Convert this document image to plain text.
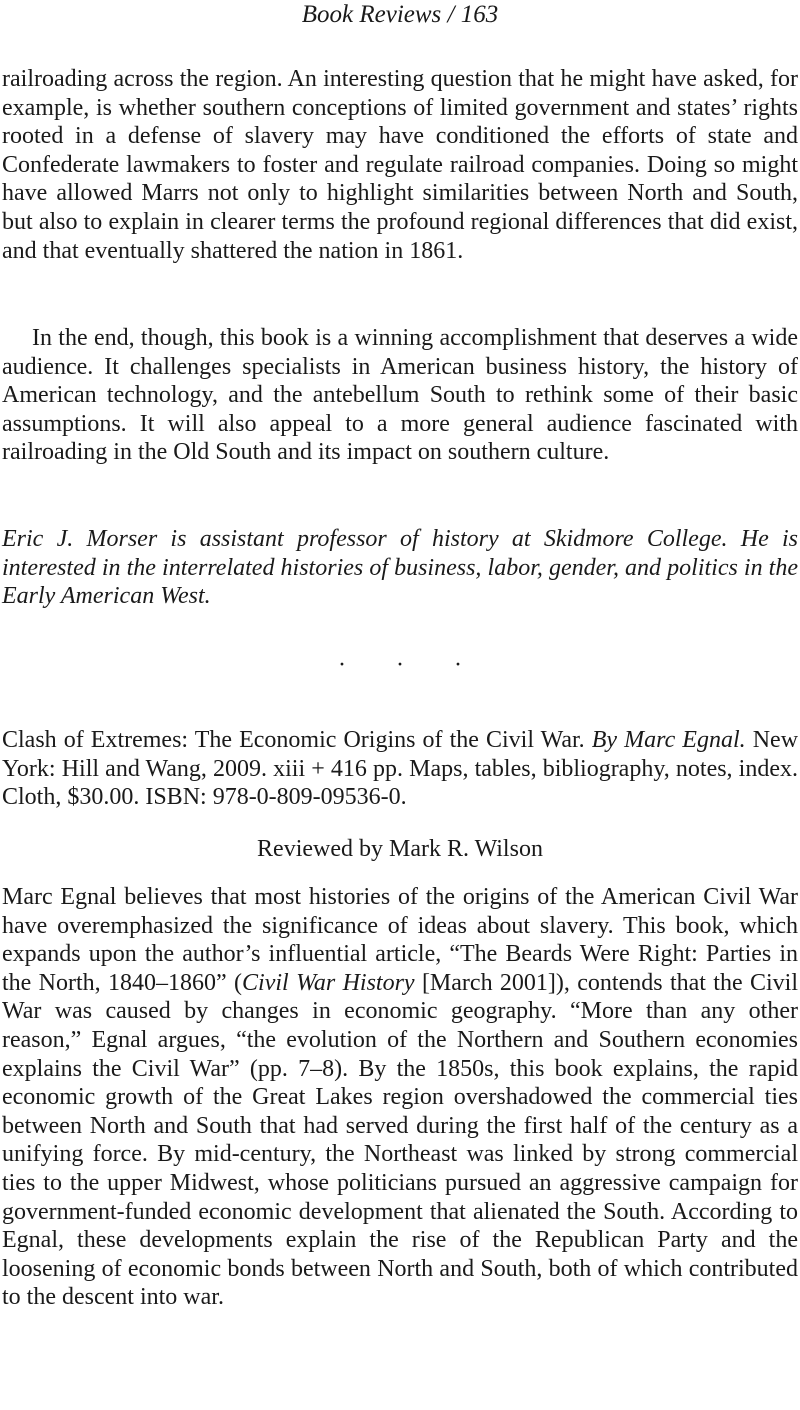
Book Reviews / 163

railroading across the region. An interesting question that he might have asked, for example, is whether southern conceptions of limited government and states’ rights rooted in a defense of slavery may have conditioned the efforts of state and Confederate lawmakers to foster and regulate railroad companies. Doing so might have allowed Marrs not only to highlight similarities between North and South, but also to explain in clearer terms the profound regional differences that did exist, and that eventually shattered the nation in 1861.

In the end, though, this book is a winning accomplishment that deserves a wide audience. It challenges specialists in American business history, the history of American technology, and the antebellum South to rethink some of their basic assumptions. It will also appeal to a more general audience fascinated with railroading in the Old South and its impact on southern culture.

Eric J. Morser is assistant professor of history at Skidmore College. He is interested in the interrelated histories of business, labor, gender, and politics in the Early American West.

· · ·

Clash of Extremes: The Economic Origins of the Civil War. By Marc Egnal. New York: Hill and Wang, 2009. xiii + 416 pp. Maps, tables, bibliography, notes, index. Cloth, $30.00. ISBN: 978-0-809-09536-0.

Reviewed by Mark R. Wilson

Marc Egnal believes that most histories of the origins of the American Civil War have overemphasized the significance of ideas about slavery. This book, which expands upon the author’s influential article, “The Beards Were Right: Parties in the North, 1840–1860” (Civil War History [March 2001]), contends that the Civil War was caused by changes in economic geography. “More than any other reason,” Egnal argues, “the evolution of the Northern and Southern economies explains the Civil War” (pp. 7–8). By the 1850s, this book explains, the rapid economic growth of the Great Lakes region overshadowed the commercial ties between North and South that had served during the first half of the century as a unifying force. By mid-century, the Northeast was linked by strong commercial ties to the upper Midwest, whose politicians pursued an aggressive campaign for government-funded economic development that alienated the South. According to Egnal, these developments explain the rise of the Republican Party and the loosening of economic bonds between North and South, both of which contributed to the descent into war.
